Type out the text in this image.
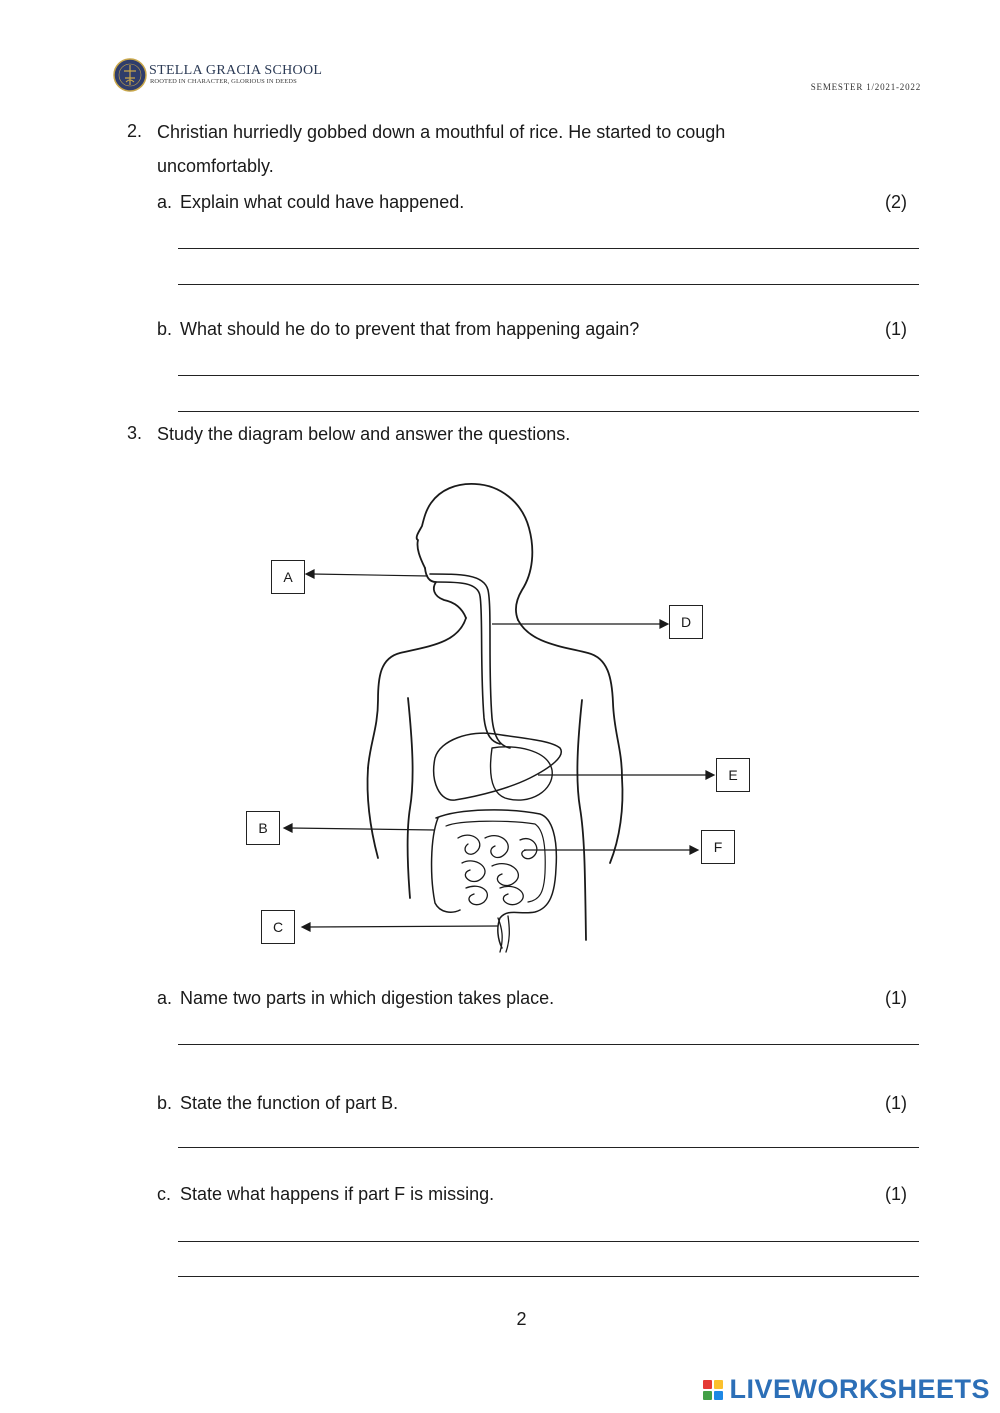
STELLA GRACIA SCHOOL
ROOTED IN CHARACTER, GLORIOUS IN DEEDS
SEMESTER 1/2021-2022
2. Christian hurriedly gobbed down a mouthful of rice. He started to cough
uncomfortably.
a. Explain what could have happened.	(2)
b. What should he do to prevent that from happening again?	(1)
3. Study the diagram below and answer the questions.
A
D
E
B
F
C
a. Name two parts in which digestion takes place.	(1)
b. State the function of part B.	(1)
c. State what happens if part F is missing.	(1)
2
LIVEWORKSHEETS
